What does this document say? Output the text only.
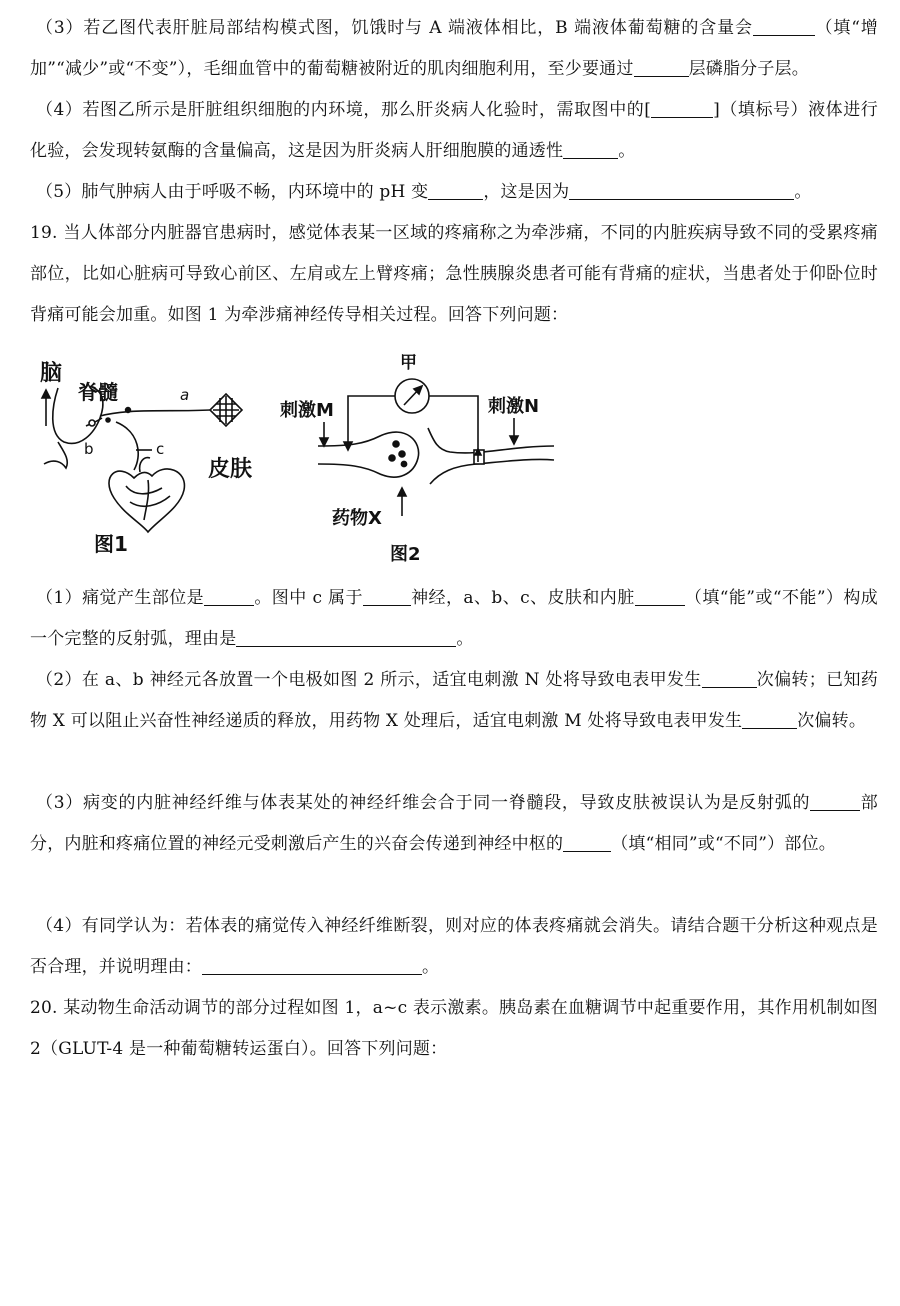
（3）若乙图代表肝脏局部结构模式图，饥饿时与 A 端液体相比，B 端液体葡萄糖的含量会	（填“增加”“减少”或“不变”），毛细血管中的葡萄糖被附近的肌肉细胞利用，至少要通过	层磷脂分子层。
（4）若图乙所示是肝脏组织细胞的内环境，那么肝炎病人化验时，需取图中的[	]（填标号）液体进行化验，会发现转氨酶的含量偏高，这是因为肝炎病人肝细胞膜的通透性	。
（5）肺气肿病人由于呼吸不畅，内环境中的 pH 变	，这是因为	。
19. 当人体部分内脏器官患病时，感觉体表某一区域的疼痛称之为牵涉痛，不同的内脏疾病导致不同的受累疼痛部位，比如心脏病可导致心前区、左肩或左上臂疼痛；急性胰腺炎患者可能有背痛的症状，当患者处于仰卧位时背痛可能会加重。如图 1 为牵涉痛神经传导相关过程。回答下列问题：
脑
脊髓	a
b	c
皮肤
图1
甲
刺激M	刺激N
药物X
图2
（1）痛觉产生部位是	。图中 c 属于	神经，a、b、c、皮肤和内脏	（填“能”或“不能”）构成一个完整的反射弧，理由是	。
（2）在 a、b 神经元各放置一个电极如图 2 所示，适宜电刺激 N 处将导致电表甲发生	次偏转；已知药物 X 可以阻止兴奋性神经递质的释放，用药物 X 处理后，适宜电刺激 M 处将导致电表甲发生	次偏转。
（3）病变的内脏神经纤维与体表某处的神经纤维会合于同一脊髓段，导致皮肤被误认为是反射弧的	部分，内脏和疼痛位置的神经元受刺激后产生的兴奋会传递到神经中枢的	（填“相同”或“不同”）部位。
（4）有同学认为：若体表的痛觉传入神经纤维断裂，则对应的体表疼痛就会消失。请结合题干分析这种观点是否合理，并说明理由：	。
20. 某动物生命活动调节的部分过程如图 1，a~c 表示激素。胰岛素在血糖调节中起重要作用，其作用机制如图 2（GLUT-4 是一种葡萄糖转运蛋白）。回答下列问题：
